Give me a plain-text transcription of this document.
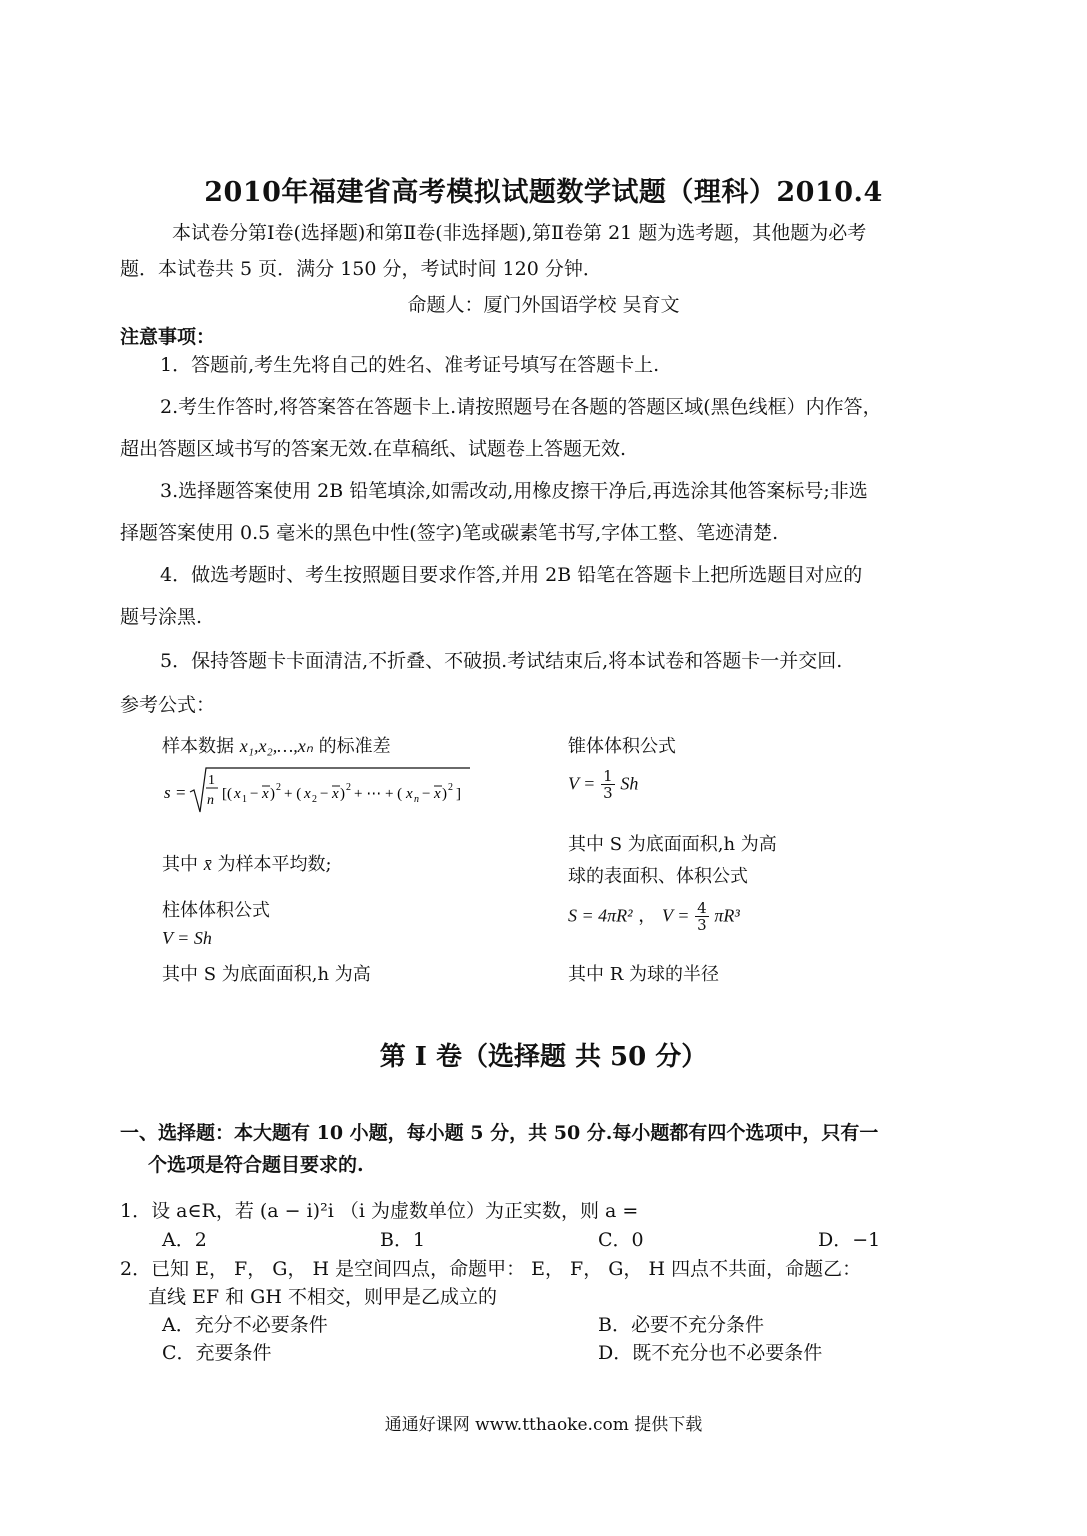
2010年福建省高考模拟试题数学试题（理科）2010.4
本试卷分第Ⅰ卷(选择题)和第Ⅱ卷(非选择题),第Ⅱ卷第 21 题为选考题，其他题为必考
题．本试卷共 5 页．满分 150 分，考试时间 120 分钟．
命题人：厦门外国语学校 吴育文
注意事项：
1．答题前,考生先将自己的姓名、准考证号填写在答题卡上.
2.考生作答时,将答案答在答题卡上.请按照题号在各题的答题区域(黑色线框）内作答，
超出答题区域书写的答案无效.在草稿纸、试题卷上答题无效.
3.选择题答案使用 2B 铅笔填涂,如需改动,用橡皮擦干净后,再选涂其他答案标号;非选
择题答案使用 0.5 毫米的黑色中性(签字)笔或碳素笔书写,字体工整、笔迹清楚.
4．做选考题时、考生按照题目要求作答,并用 2B 铅笔在答题卡上把所选题目对应的
题号涂黑.
5．保持答题卡卡面清洁,不折叠、不破损.考试结束后,将本试卷和答题卡一并交回.
参考公式：
样本数据 x₁,x₂,…,xₙ 的标准差
s =
1
n [( x 1 − x ) 2 + ( x 2 − x ) 2 + ⋯ + ( x n − x ) 2 ]
其中 x̄ 为样本平均数;
柱体体积公式
V = Sh
其中 S 为底面面积,h 为高
锥体体积公式
$V = \frac{1}{3}$ Sh
其中 S 为底面面积,h 为高
球的表面积、体积公式
S = 4πR² ， $V = \frac{4}{3} \pi R^3$
其中 R 为球的半径
第 I 卷（选择题 共 50 分）
一、选择题：本大题有 10 小题，每小题 5 分，共 50 分.每小题都有四个选项中，只有一
个选项是符合题目要求的.
1．设 a∈R，若 (a − i)²i （i 为虚数单位）为正实数，则 a =
A．2	B．1	C．0	D．−1
2．已知 E， F， G， H 是空间四点，命题甲： E， F， G， H 四点不共面，命题乙：
直线 EF 和 GH 不相交，则甲是乙成立的
A．充分不必要条件	B．必要不充分条件
C．充要条件	D．既不充分也不必要条件
通通好课网 www.tthaoke.com 提供下载
